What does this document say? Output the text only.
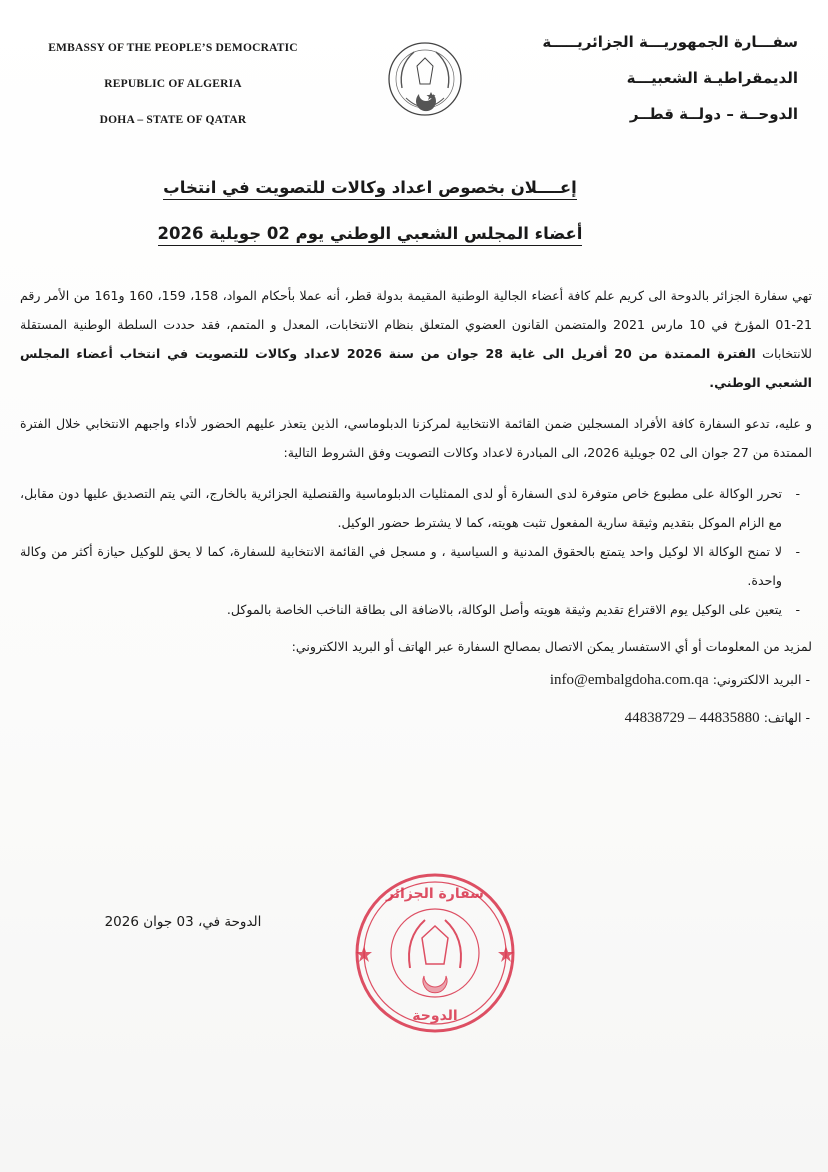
EMBASSY OF THE PEOPLE’S DEMOCRATIC
REPUBLIC OF ALGERIA
DOHA – STATE OF QATAR
سفـــارة الجمهوريـــة الجزائريـــــة
الديمقراطيـة الشعبيـــة
الدوحــة – دولــة قطــر
إعــــلان بخصوص اعداد وكالات للتصويت في انتخاب
أعضاء المجلس الشعبي الوطني يوم 02 جويلية 2026

تهي سفارة الجزائر بالدوحة الى كريم علم كافة أعضاء الجالية الوطنية المقيمة بدولة قطر، أنه عملا بأحكام المواد، 158، 159، 160 و161 من الأمر رقم 21-01 المؤرخ في 10 مارس 2021 والمتضمن القانون العضوي المتعلق بنظام الانتخابات، المعدل و المتمم، فقد حددت السلطة الوطنية المستقلة للانتخابات الفترة الممتدة من 20 أفريل الى غاية 28 جوان من سنة 2026 لاعداد وكالات للتصويت في انتخاب أعضاء المجلس الشعبي الوطني.

و عليه، تدعو السفارة كافة الأفراد المسجلين ضمن القائمة الانتخابية لمركزنا الدبلوماسي، الذين يتعذر عليهم الحضور لأداء واجبهم الانتخابي خلال الفترة الممتدة من 27 جوان الى 02 جويلية 2026، الى المبادرة لاعداد وكالات التصويت وفق الشروط التالية:

- تحرر الوكالة على مطبوع خاص متوفرة لدى السفارة أو لدى الممثليات الدبلوماسية والقنصلية الجزائرية بالخارج، التي يتم التصديق عليها دون مقابل، مع الزام الموكل بتقديم وثيقة سارية المفعول تثبت هويته، كما لا يشترط حضور الوكيل.
- لا تمنح الوكالة الا لوكيل واحد يتمتع بالحقوق المدنية و السياسية ، و مسجل في القائمة الانتخابية للسفارة، كما لا يحق للوكيل حيازة أكثر من وكالة واحدة.
- يتعين على الوكيل يوم الاقتراع تقديم وثيقة هويته وأصل الوكالة، بالاضافة الى بطاقة الناخب الخاصة بالموكل.
لمزيد من المعلومات أو أي الاستفسار يمكن الاتصال بمصالح السفارة عبر الهاتف أو البريد الالكتروني:
- البريد الالكتروني: info@embalgdoha.com.qa
- الهاتف: 44838729 – 44835880
الدوحة في، 03 جوان 2026
سفارة الجزائر
الدوحة
